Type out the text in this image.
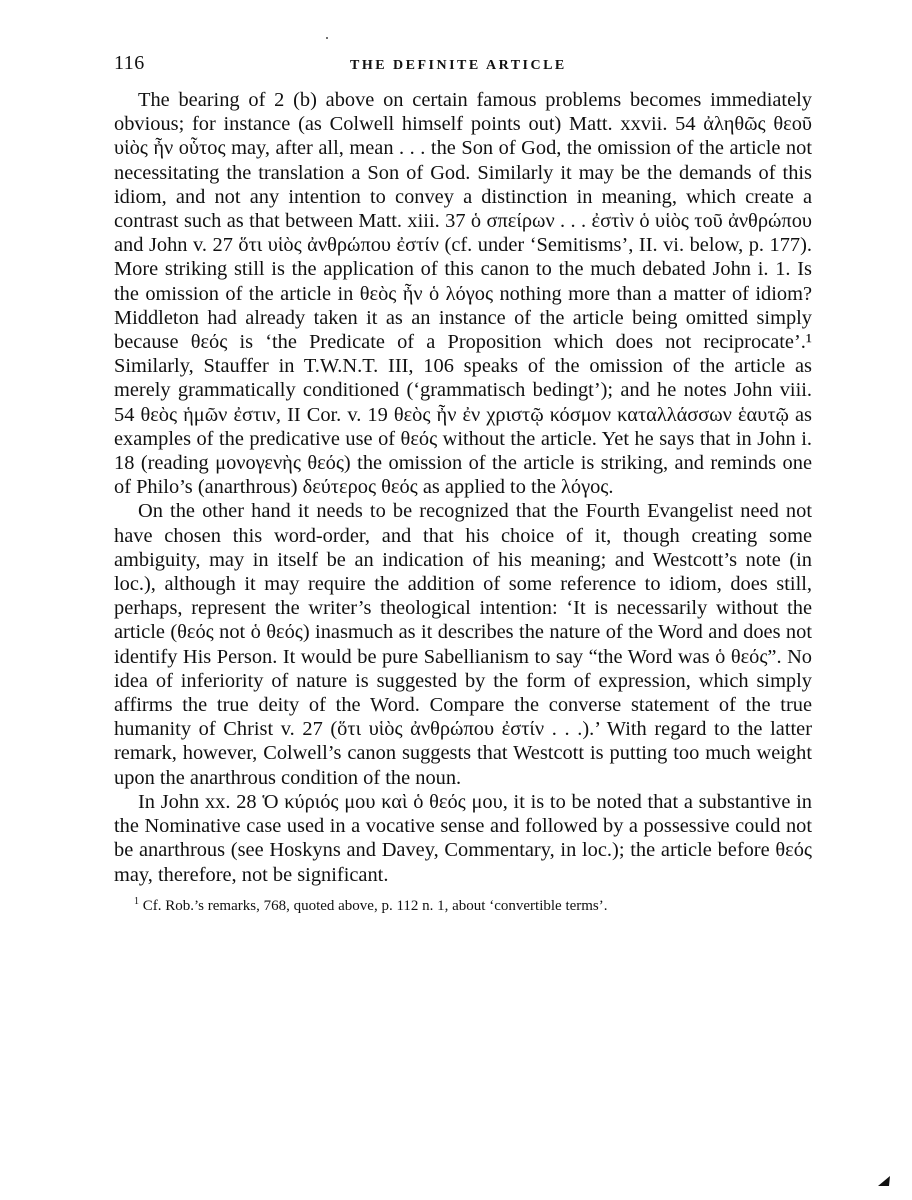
116	THE DEFINITE ARTICLE

The bearing of 2 (b) above on certain famous problems becomes immediately obvious; for instance (as Colwell himself points out) Matt. xxvii. 54 ἀληθῶς θεοῦ υἱὸς ἦν οὗτος may, after all, mean . . . the Son of God, the omission of the article not necessitating the translation a Son of God. Similarly it may be the demands of this idiom, and not any intention to convey a distinction in meaning, which create a contrast such as that between Matt. xiii. 37 ὁ σπείρων . . . ἐστὶν ὁ υἱὸς τοῦ ἀνθρώπου and John v. 27 ὅτι υἱὸς ἀνθρώπου ἐστίν (cf. under ‘Semitisms’, II. vi. below, p. 177). More striking still is the application of this canon to the much debated John i. 1. Is the omission of the article in θεὸς ἦν ὁ λόγος nothing more than a matter of idiom? Middleton had already taken it as an instance of the article being omitted simply because θεός is ‘the Predicate of a Proposition which does not reciprocate’.¹ Similarly, Stauffer in T.W.N.T. III, 106 speaks of the omission of the article as merely grammatically conditioned (‘grammatisch bedingt’); and he notes John viii. 54 θεὸς ἡμῶν ἐστιν, II Cor. v. 19 θεὸς ἦν ἐν χριστῷ κόσμον καταλλάσσων ἑαυτῷ as examples of the predicative use of θεός without the article. Yet he says that in John i. 18 (reading μονογενὴς θεός) the omission of the article is striking, and reminds one of Philo’s (anarthrous) δεύτερος θεός as applied to the λόγος.

On the other hand it needs to be recognized that the Fourth Evangelist need not have chosen this word-order, and that his choice of it, though creating some ambiguity, may in itself be an indication of his meaning; and Westcott’s note (in loc.), although it may require the addition of some reference to idiom, does still, perhaps, represent the writer’s theological intention: ‘It is necessarily without the article (θεός not ὁ θεός) inasmuch as it describes the nature of the Word and does not identify His Person. It would be pure Sabellianism to say “the Word was ὁ θεός”. No idea of inferiority of nature is suggested by the form of expression, which simply affirms the true deity of the Word. Compare the converse statement of the true humanity of Christ v. 27 (ὅτι υἱὸς ἀνθρώπου ἐστίν . . .).’ With regard to the latter remark, however, Colwell’s canon suggests that Westcott is putting too much weight upon the anarthrous condition of the noun.

In John xx. 28 Ὁ κύριός μου καὶ ὁ θεός μου, it is to be noted that a substantive in the Nominative case used in a vocative sense and followed by a possessive could not be anarthrous (see Hoskyns and Davey, Commentary, in loc.); the article before θεός may, therefore, not be significant.

$^1$ Cf. Rob.’s remarks, 768, quoted above, p. 112 n. 1, about ‘convertible terms’.
